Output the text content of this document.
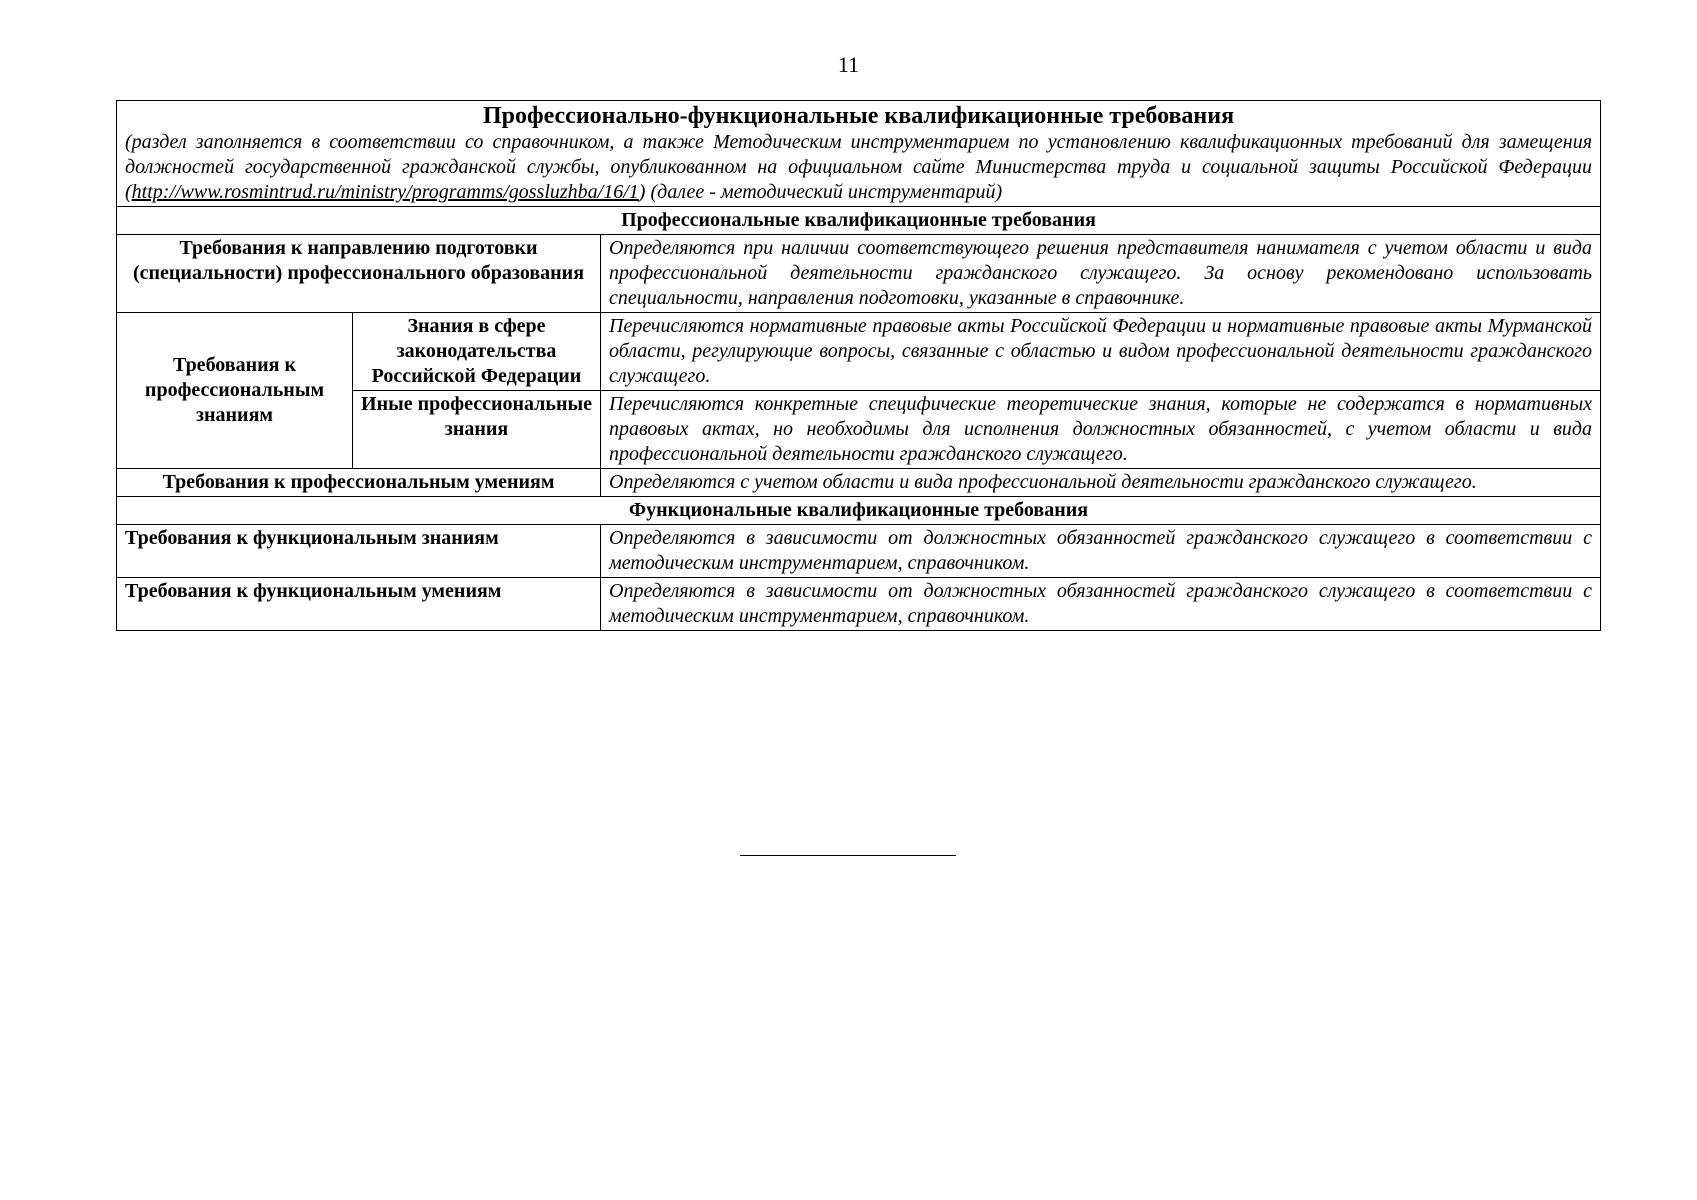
11
Профессионально-функциональные квалификационные требования
(раздел заполняется в соответствии со справочником, а также Методическим инструментарием по установлению квалификационных требований для замещения должностей государственной гражданской службы, опубликованном на официальном сайте Министерства труда и социальной защиты Российской Федерации (http://www.rosmintrud.ru/ministry/programms/gossluzhba/16/1) (далее - методический инструментарий)		

Профессиональные квалификационные требования		
Требования к направлению подготовки (специальности) профессионального образования		Определяются при наличии соответствующего решения представителя нанимателя с учетом области и вида профессиональной деятельности гражданского служащего. За основу рекомендовано использовать специальности, направления подготовки, указанные в справочнике.
Требования к профессиональным знаниям	Знания в сфере законодательства Российской Федерации	Перечисляются нормативные правовые акты Российской Федерации и нормативные правовые акты Мурманской области, регулирующие вопросы, связанные с областью и видом профессиональной деятельности гражданского служащего.
	Иные профессиональные знания	Перечисляются конкретные специфические теоретические знания, которые не содержатся в нормативных правовых актах, но необходимы для исполнения должностных обязанностей, с учетом области и вида профессиональной деятельности гражданского служащего.
Требования к профессиональным умениям		Определяются с учетом области и вида профессиональной деятельности гражданского служащего.
Функциональные квалификационные требования		
Требования к функциональным знаниям		Определяются в зависимости от должностных обязанностей гражданского служащего в соответствии с методическим инструментарием, справочником.
Требования к функциональным умениям		Определяются в зависимости от должностных обязанностей гражданского служащего в соответствии с методическим инструментарием, справочником.
